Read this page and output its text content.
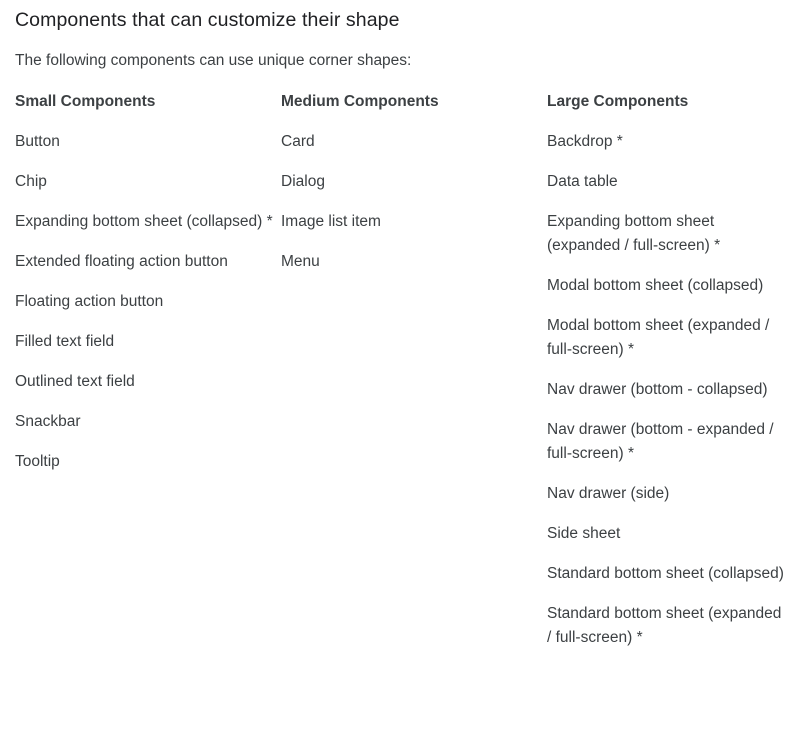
Components that can customize their shape

The following components can use unique corner shapes:

Small Components
Button
Chip
Expanding bottom sheet (collapsed) *
Extended floating action button
Floating action button
Filled text field
Outlined text field
Snackbar
Tooltip
Medium Components
Card
Dialog
Image list item
Menu
Large Components
Backdrop *
Data table
Expanding bottom sheet (expanded / full-screen) *
Modal bottom sheet (collapsed)
Modal bottom sheet (expanded / full-screen) *
Nav drawer (bottom - collapsed)
Nav drawer (bottom - expanded / full-screen) *
Nav drawer (side)
Side sheet
Standard bottom sheet (collapsed)
Standard bottom sheet (expanded / full-screen) *
